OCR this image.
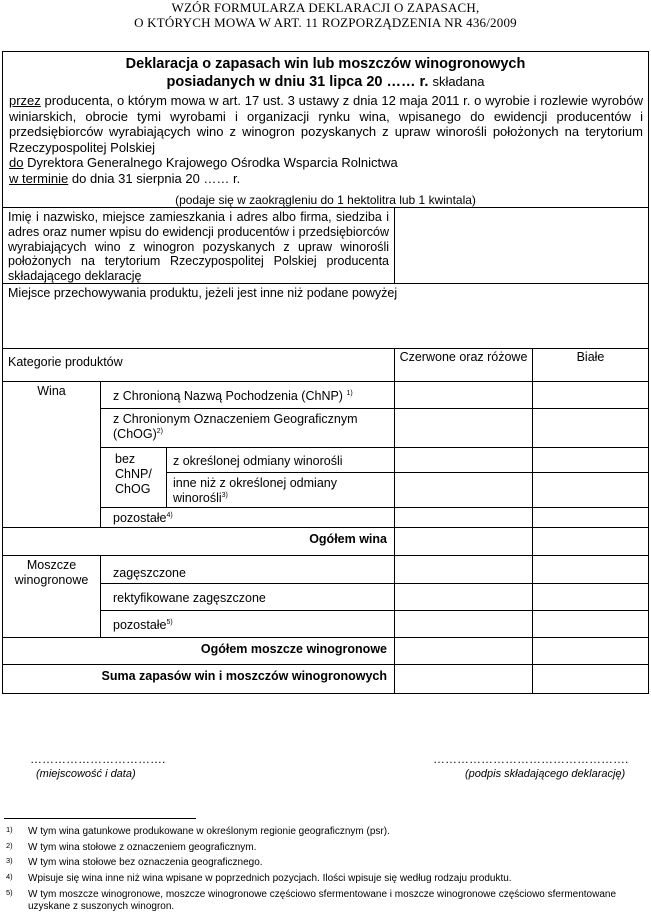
WZÓR FORMULARZA DEKLARACJI O ZAPASACH,
O KTÓRYCH MOWA W ART. 11 ROZPORZĄDZENIA NR 436/2009
Deklaracja o zapasach win lub moszczów winogronowych
posiadanych w dniu 31 lipca 20 …… r. składana

przez producenta, o którym mowa w art. 17 ust. 3 ustawy z dnia 12 maja 2011 r. o wyrobie i rozlewie wyrobów winiarskich, obrocie tymi wyrobami i organizacji rynku wina, wpisanego do ewidencji producentów i przedsiębiorców wyrabiających wino z winogron pozyskanych z upraw winorośli położonych na terytorium Rzeczypospolitej Polskiej

do Dyrektora Generalnego Krajowego Ośrodka Wsparcia Rolnictwa

w terminie do dnia 31 sierpnia 20 …… r.

(podaje się w zaokrągleniu do 1 hektolitra lub 1 kwintala)
Imię i nazwisko, miejsce zamieszkania i adres albo firma, siedziba i adres oraz numer wpisu do ewidencji producentów i przedsiębiorców wyrabiających wino z winogron pozyskanych z upraw winorośli położonych na terytorium Rzeczypospolitej Polskiej producenta składającego deklarację
Miejsce przechowywania produktu, jeżeli jest inne niż podane powyżej
Kategorie produktów	Czerwone oraz różowe	Białe
Wina	z Chronioną Nazwą Pochodzenia (ChNP) $^{1)}$
z Chronionym Oznaczeniem Geograficznym (ChOG)$^{2)}$
bez ChNP/ ChOG
z określonej odmiany winorośli
inne niż z określonej odmiany winorośli$^{3)}$
pozostałe$^{4)}$
Ogółem wina
Moszcze winogronowe	zagęszczone
rektyfikowane zagęszczone
pozostałe$^{5)}$
Ogółem moszcze winogronowe
Suma zapasów win i moszczów winogronowych
…………………………….
(miejscowość i data)
………………………………………….
(podpis składającego deklarację)
1) W tym wina gatunkowe produkowane w określonym regionie geograficznym (psr).
2) W tym wina stołowe z oznaczeniem geograficznym.
3) W tym wina stołowe bez oznaczenia geograficznego.
4) Wpisuje się wina inne niż wina wpisane w poprzednich pozycjach. Ilości wpisuje się według rodzaju produktu.
5) W tym moszcze winogronowe, moszcze winogronowe częściowo sfermentowane i moszcze winogronowe częściowo sfermentowane
uzyskane z suszonych winogron.
